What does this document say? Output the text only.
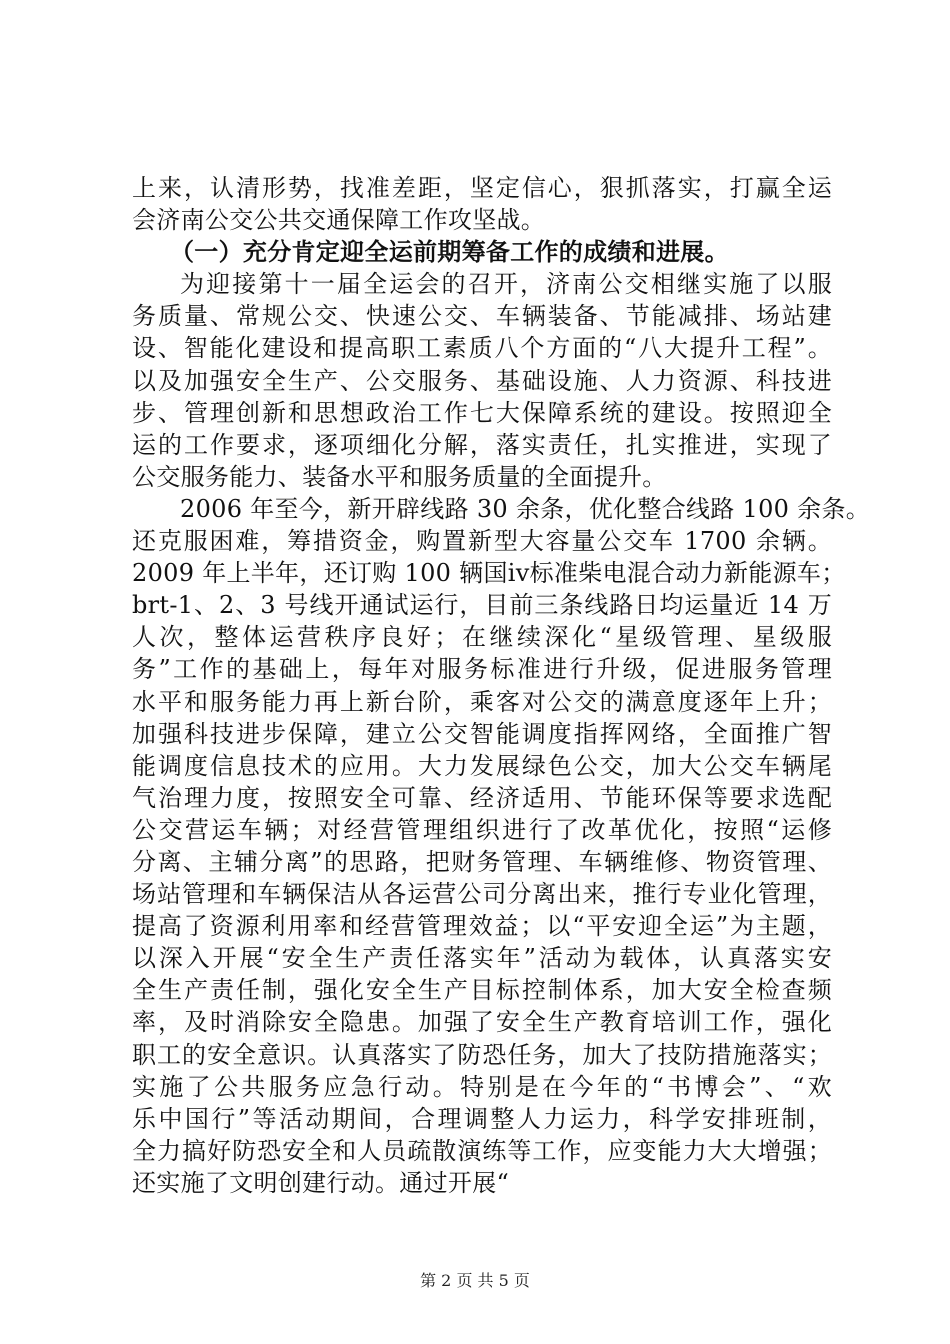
上来，认清形势，找准差距，坚定信心，狠抓落实，打赢全运
会济南公交公共交通保障工作攻坚战。
（一）充分肯定迎全运前期筹备工作的成绩和进展。
为迎接第十一届全运会的召开，济南公交相继实施了以服
务质量、常规公交、快速公交、车辆装备、节能减排、场站建
设、智能化建设和提高职工素质八个方面的“八大提升工程”。
以及加强安全生产、公交服务、基础设施、人力资源、科技进
步、管理创新和思想政治工作七大保障系统的建设。按照迎全
运的工作要求，逐项细化分解，落实责任，扎实推进，实现了
公交服务能力、装备水平和服务质量的全面提升。
2006 年至今，新开辟线路 30 余条，优化整合线路 100 余条。
还克服困难，筹措资金，购置新型大容量公交车 1700 余辆。
2009 年上半年，还订购 100 辆国iv标准柴电混合动力新能源车；
brt-1、2、3 号线开通试运行，目前三条线路日均运量近 14 万
人次，整体运营秩序良好；在继续深化“星级管理、星级服
务”工作的基础上，每年对服务标准进行升级，促进服务管理
水平和服务能力再上新台阶，乘客对公交的满意度逐年上升；
加强科技进步保障，建立公交智能调度指挥网络，全面推广智
能调度信息技术的应用。大力发展绿色公交，加大公交车辆尾
气治理力度，按照安全可靠、经济适用、节能环保等要求选配
公交营运车辆；对经营管理组织进行了改革优化，按照“运修
分离、主辅分离”的思路，把财务管理、车辆维修、物资管理、
场站管理和车辆保洁从各运营公司分离出来，推行专业化管理，
提高了资源利用率和经营管理效益；以“平安迎全运”为主题，
以深入开展“安全生产责任落实年”活动为载体，认真落实安
全生产责任制，强化安全生产目标控制体系，加大安全检查频
率，及时消除安全隐患。加强了安全生产教育培训工作，强化
职工的安全意识。认真落实了防恐任务，加大了技防措施落实；
实施了公共服务应急行动。特别是在今年的“书博会”、“欢
乐中国行”等活动期间，合理调整人力运力，科学安排班制，
全力搞好防恐安全和人员疏散演练等工作，应变能力大大增强；
还实施了文明创建行动。通过开展“
第 2 页 共 5 页
